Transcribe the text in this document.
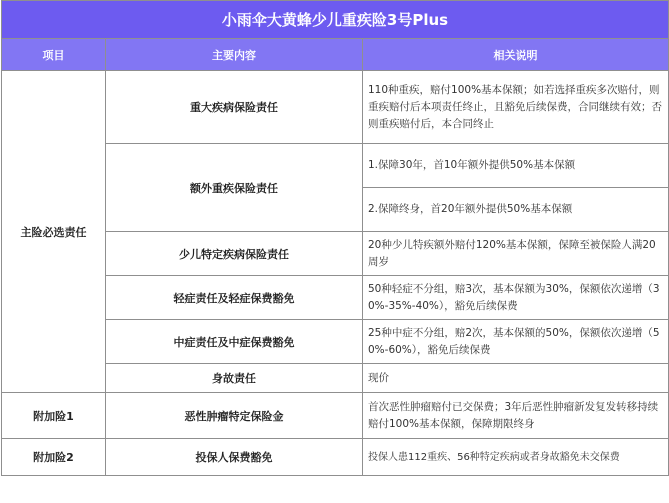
小雨伞大黄蜂少儿重疾险3号Plus		
项目	主要内容	相关说明
主险必选责任	重大疾病保险责任	110种重疾，赔付100%基本保额；如若选择重疾多次赔付，则重疾赔付后本项责任终止，且豁免后续保费，合同继续有效；否则重疾赔付后，本合同终止
	额外重疾保险责任	1.保障30年，首10年额外提供50%基本保额
		2.保障终身，首20年额外提供50%基本保额
	少儿特定疾病保险责任	20种少儿特疾额外赔付120%基本保额，保障至被保险人满20周岁
	轻症责任及轻症保费豁免	50种轻症不分组，赔3次，基本保额为30%，保额依次递增（30%-35%-40%），豁免后续保费
	中症责任及中症保费豁免	25种中症不分组，赔2次，基本保额的50%，保额依次递增（50%-60%），豁免后续保费
	身故责任	现价
附加险1	恶性肿瘤特定保险金	首次恶性肿瘤赔付已交保费；3年后恶性肿瘤新发复发转移持续赔付100%基本保额，保障期限终身
附加险2	投保人保费豁免	投保人患112重疾、56种特定疾病或者身故豁免未交保费
